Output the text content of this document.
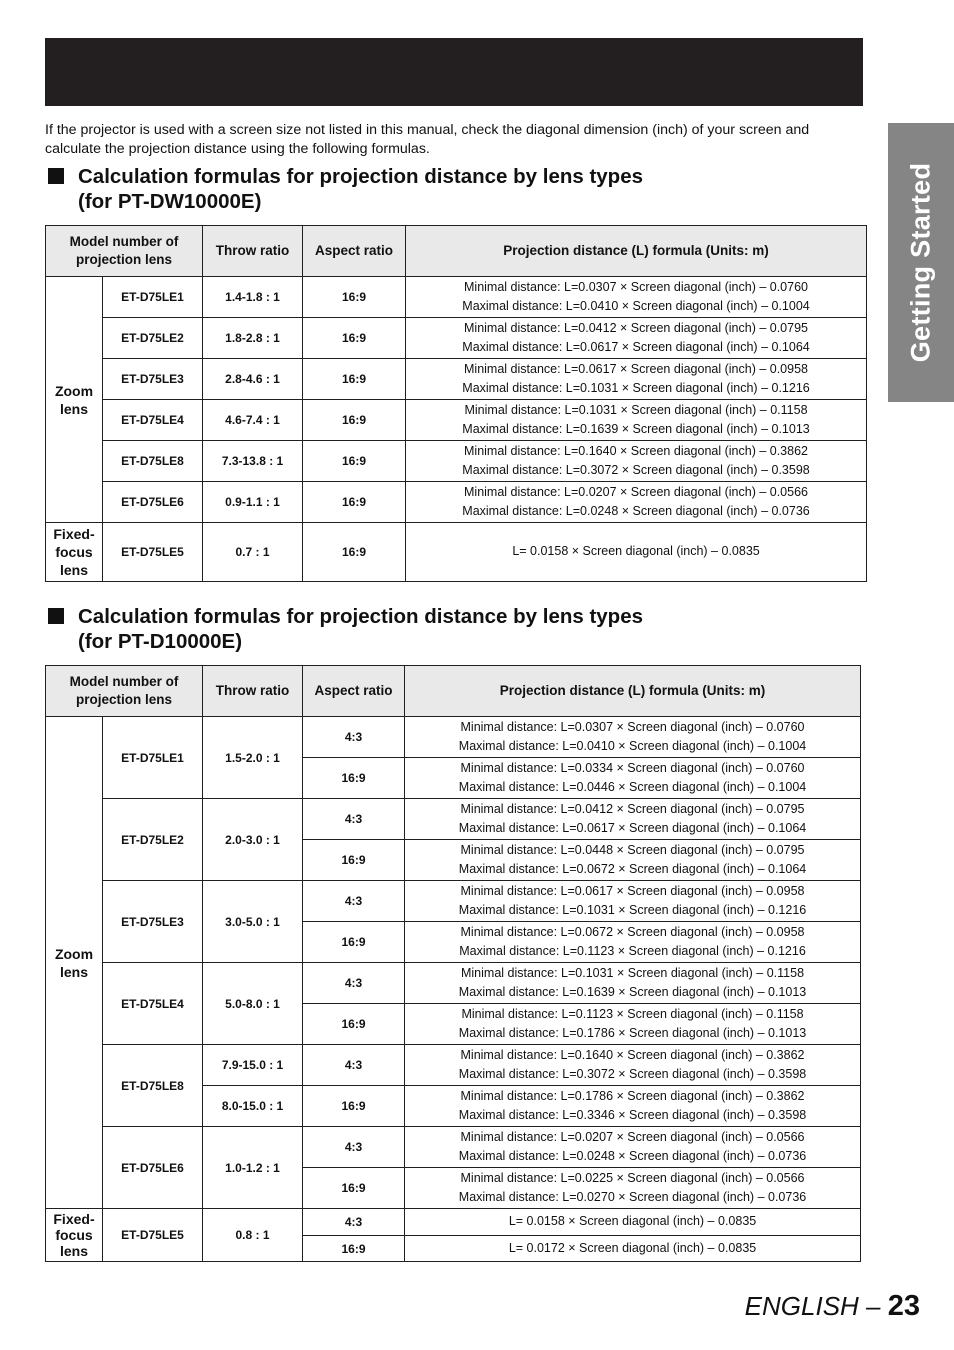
Getting Started

If the projector is used with a screen size not listed in this manual, check the diagonal dimension (inch) of your screen and calculate the projection distance using the following formulas.

Calculation formulas for projection distance by lens types
(for PT-DW10000E)
Model number of projection lens		Throw ratio	Aspect ratio	Projection distance (L) formula (Units: m)
Zoom lens	ET-D75LE1	1.4-1.8 : 1	16:9	Minimal distance: L=0.0307 × Screen diagonal (inch) – 0.0760
Maximal distance: L=0.0410 × Screen diagonal (inch) – 0.1004

	ET-D75LE2	1.8-2.8 : 1	16:9	Minimal distance: L=0.0412 × Screen diagonal (inch) – 0.0795
Maximal distance: L=0.0617 × Screen diagonal (inch) – 0.1064

	ET-D75LE3	2.8-4.6 : 1	16:9	Minimal distance: L=0.0617 × Screen diagonal (inch) – 0.0958
Maximal distance: L=0.1031 × Screen diagonal (inch) – 0.1216

	ET-D75LE4	4.6-7.4 : 1	16:9	Minimal distance: L=0.1031 × Screen diagonal (inch) – 0.1158
Maximal distance: L=0.1639 × Screen diagonal (inch) – 0.1013

	ET-D75LE8	7.3-13.8 : 1	16:9	Minimal distance: L=0.1640 × Screen diagonal (inch) – 0.3862
Maximal distance: L=0.3072 × Screen diagonal (inch) – 0.3598

	ET-D75LE6	0.9-1.1 : 1	16:9	Minimal distance: L=0.0207 × Screen diagonal (inch) – 0.0566
Maximal distance: L=0.0248 × Screen diagonal (inch) – 0.0736

Fixed-focus lens	ET-D75LE5	0.7 : 1	16:9	L= 0.0158 × Screen diagonal (inch) – 0.0835
Calculation formulas for projection distance by lens types
(for PT-D10000E)
Model number of projection lens		Throw ratio	Aspect ratio	Projection distance (L) formula (Units: m)
Zoom lens	ET-D75LE1	1.5-2.0 : 1	4:3	Minimal distance: L=0.0307 × Screen diagonal (inch) – 0.0760
Maximal distance: L=0.0410 × Screen diagonal (inch) – 0.1004

			16:9	Minimal distance: L=0.0334 × Screen diagonal (inch) – 0.0760
Maximal distance: L=0.0446 × Screen diagonal (inch) – 0.1004

	ET-D75LE2	2.0-3.0 : 1	4:3	Minimal distance: L=0.0412 × Screen diagonal (inch) – 0.0795
Maximal distance: L=0.0617 × Screen diagonal (inch) – 0.1064

			16:9	Minimal distance: L=0.0448 × Screen diagonal (inch) – 0.0795
Maximal distance: L=0.0672 × Screen diagonal (inch) – 0.1064

	ET-D75LE3	3.0-5.0 : 1	4:3	Minimal distance: L=0.0617 × Screen diagonal (inch) – 0.0958
Maximal distance: L=0.1031 × Screen diagonal (inch) – 0.1216

			16:9	Minimal distance: L=0.0672 × Screen diagonal (inch) – 0.0958
Maximal distance: L=0.1123 × Screen diagonal (inch) – 0.1216

	ET-D75LE4	5.0-8.0 : 1	4:3	Minimal distance: L=0.1031 × Screen diagonal (inch) – 0.1158
Maximal distance: L=0.1639 × Screen diagonal (inch) – 0.1013

			16:9	Minimal distance: L=0.1123 × Screen diagonal (inch) – 0.1158
Maximal distance: L=0.1786 × Screen diagonal (inch) – 0.1013

	ET-D75LE8	7.9-15.0 : 1	4:3	Minimal distance: L=0.1640 × Screen diagonal (inch) – 0.3862
Maximal distance: L=0.3072 × Screen diagonal (inch) – 0.3598

		8.0-15.0 : 1	16:9	Minimal distance: L=0.1786 × Screen diagonal (inch) – 0.3862
Maximal distance: L=0.3346 × Screen diagonal (inch) – 0.3598

	ET-D75LE6	1.0-1.2 : 1	4:3	Minimal distance: L=0.0207 × Screen diagonal (inch) – 0.0566
Maximal distance: L=0.0248 × Screen diagonal (inch) – 0.0736

			16:9	Minimal distance: L=0.0225 × Screen diagonal (inch) – 0.0566
Maximal distance: L=0.0270 × Screen diagonal (inch) – 0.0736

Fixed-focus lens	ET-D75LE5	0.8 : 1	4:3	L= 0.0158 × Screen diagonal (inch) – 0.0835
			16:9	L= 0.0172 × Screen diagonal (inch) – 0.0835
ENGLISH – 23
